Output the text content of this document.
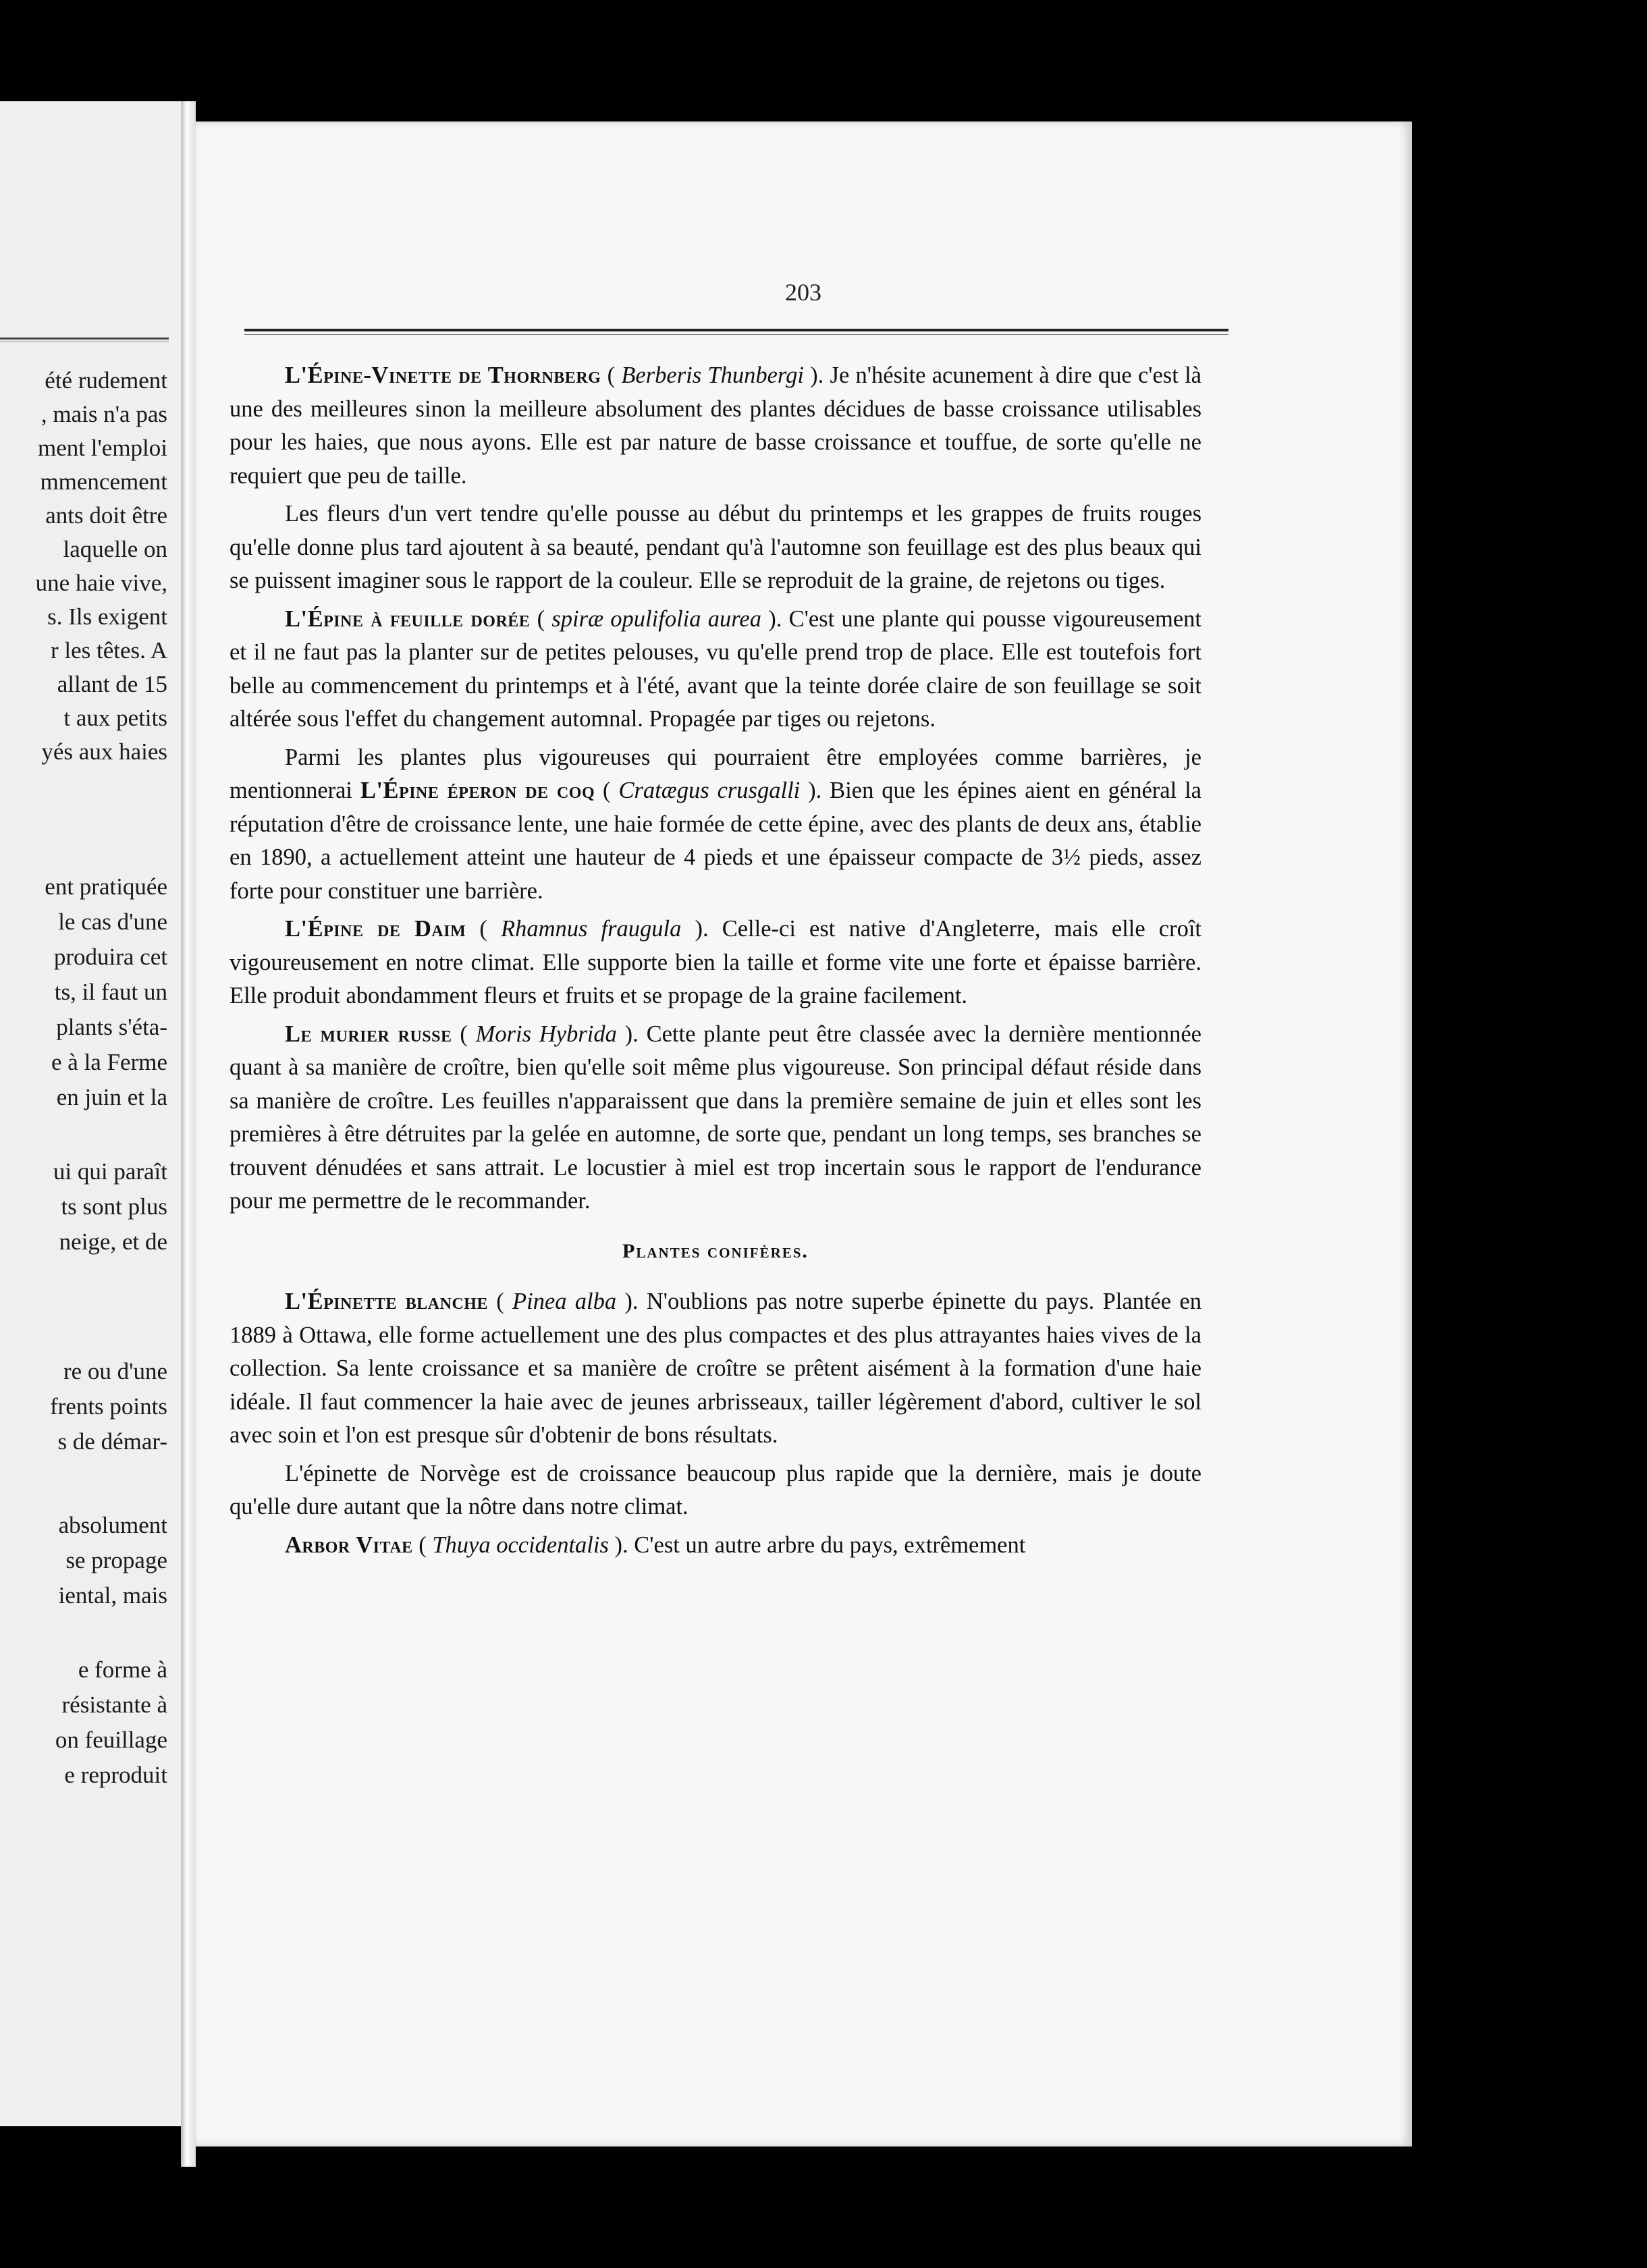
été rudement
, mais n'a pas
ment l'emploi
mmencement
ants doit être
laquelle on
une haie vive,
s. Ils exigent
r les têtes. A
allant de 15
t aux petits
yés aux haies
ent pratiquée
le cas d'une
produira cet
ts, il faut un
plants s'éta-
e à la Ferme
en juin et la
ui qui paraît
ts sont plus
neige, et de
re ou d'une
frents points
s de démar-
absolument
se propage
iental, mais
e forme à
résistante à
on feuillage
e reproduit
203

L'Épine-Vinette de Thornberg ( Berberis Thunbergi ). Je n'hésite acunement à dire que c'est là une des meilleures sinon la meilleure absolument des plantes décidues de basse croissance utilisables pour les haies, que nous ayons. Elle est par nature de basse croissance et touffue, de sorte qu'elle ne requiert que peu de taille.

Les fleurs d'un vert tendre qu'elle pousse au début du printemps et les grappes de fruits rouges qu'elle donne plus tard ajoutent à sa beauté, pendant qu'à l'automne son feuillage est des plus beaux qui se puissent imaginer sous le rapport de la couleur. Elle se reproduit de la graine, de rejetons ou tiges.

L'Épine à feuille dorée ( spiræ opulifolia aurea ). C'est une plante qui pousse vigoureusement et il ne faut pas la planter sur de petites pelouses, vu qu'elle prend trop de place. Elle est toutefois fort belle au commencement du printemps et à l'été, avant que la teinte dorée claire de son feuillage se soit altérée sous l'effet du changement automnal. Propagée par tiges ou rejetons.

Parmi les plantes plus vigoureuses qui pourraient être employées comme barrières, je mentionnerai L'Épine éperon de coq ( Cratægus crusgalli ). Bien que les épines aient en général la réputation d'être de croissance lente, une haie formée de cette épine, avec des plants de deux ans, établie en 1890, a actuellement atteint une hauteur de 4 pieds et une épaisseur compacte de 3½ pieds, assez forte pour constituer une barrière.

L'Épine de Daim ( Rhamnus fraugula ). Celle-ci est native d'Angleterre, mais elle croît vigoureusement en notre climat. Elle supporte bien la taille et forme vite une forte et épaisse barrière. Elle produit abondamment fleurs et fruits et se propage de la graine facilement.

Le murier russe ( Moris Hybrida ). Cette plante peut être classée avec la dernière mentionnée quant à sa manière de croître, bien qu'elle soit même plus vigoureuse. Son principal défaut réside dans sa manière de croître. Les feuilles n'apparaissent que dans la première semaine de juin et elles sont les premières à être détruites par la gelée en automne, de sorte que, pendant un long temps, ses branches se trouvent dénudées et sans attrait. Le locustier à miel est trop incertain sous le rapport de l'endurance pour me permettre de le recommander.

Plantes conifères.

L'Épinette blanche ( Pinea alba ). N'oublions pas notre superbe épinette du pays. Plantée en 1889 à Ottawa, elle forme actuellement une des plus compactes et des plus attrayantes haies vives de la collection. Sa lente croissance et sa manière de croître se prêtent aisément à la formation d'une haie idéale. Il faut commencer la haie avec de jeunes arbrisseaux, tailler légèrement d'abord, cultiver le sol avec soin et l'on est presque sûr d'obtenir de bons résultats.

L'épinette de Norvège est de croissance beaucoup plus rapide que la dernière, mais je doute qu'elle dure autant que la nôtre dans notre climat.

Arbor Vitae ( Thuya occidentalis ). C'est un autre arbre du pays, extrêmement
